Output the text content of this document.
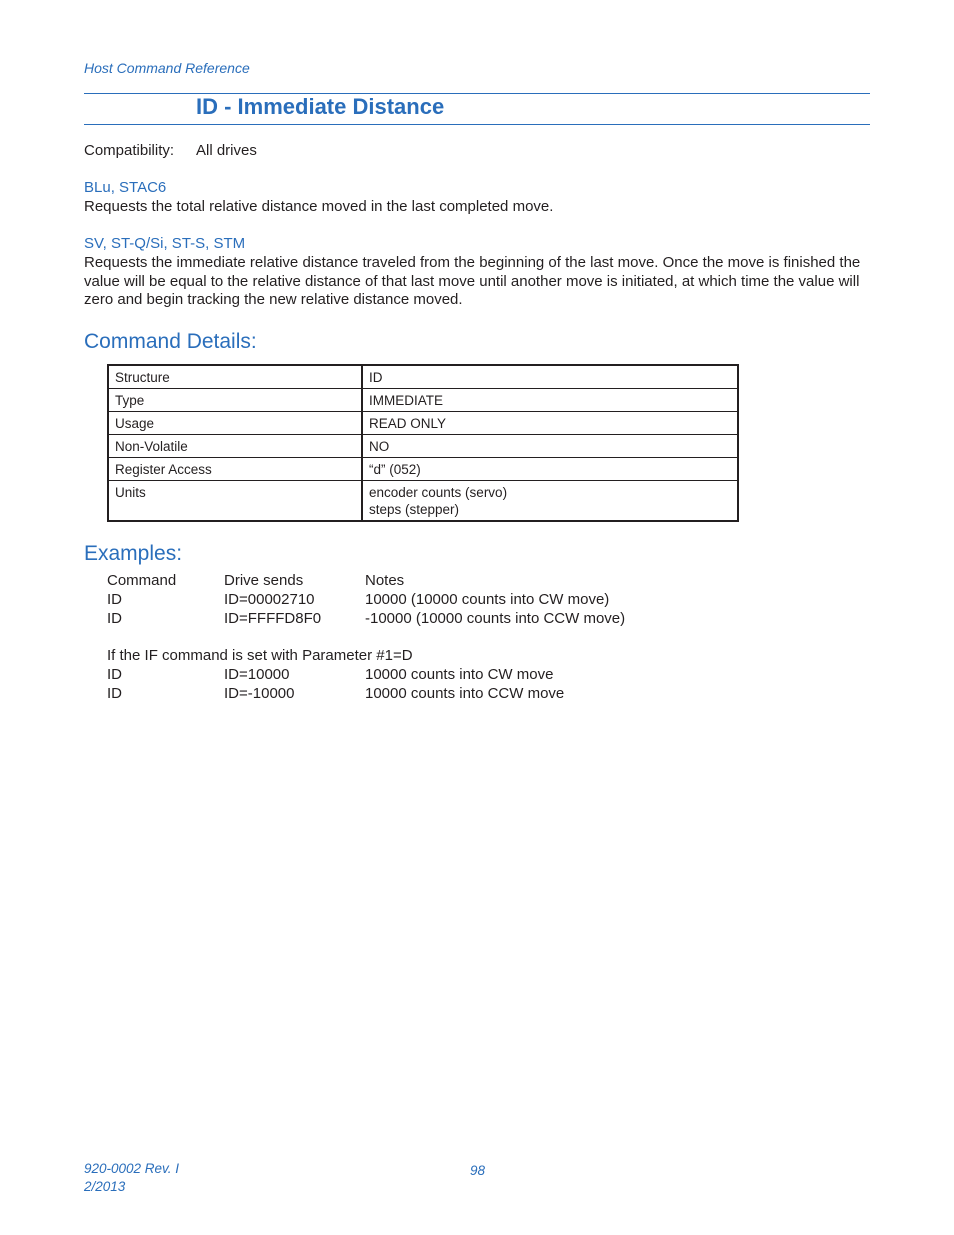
Host Command Reference
ID - Immediate Distance
Compatibility: All drives
BLu, STAC6
Requests the total relative distance moved in the last completed move.
SV, ST-Q/Si, ST-S, STM
Requests the immediate relative distance traveled from the beginning of the last move. Once the move is finished the value will be equal to the relative distance of that last move until another move is initiated, at which time the value will zero and begin tracking the new relative distance moved.
Command Details:
Structure	ID

Type	IMMEDIATE

Usage	READ ONLY

Non-Volatile	NO

Register Access	“d” (052)

Units	encoder counts (servo)
steps (stepper)
Examples:
Command	Drive sends	Notes
ID	ID=00002710	10000 (10000 counts into CW move)
ID	ID=FFFFD8F0	-10000 (10000 counts into CCW move)
If the IF command is set with Parameter #1=D
ID	ID=10000	10000 counts into CW move
ID	ID=-10000	10000 counts into CCW move
920-0002 Rev. I
2/2013
98
